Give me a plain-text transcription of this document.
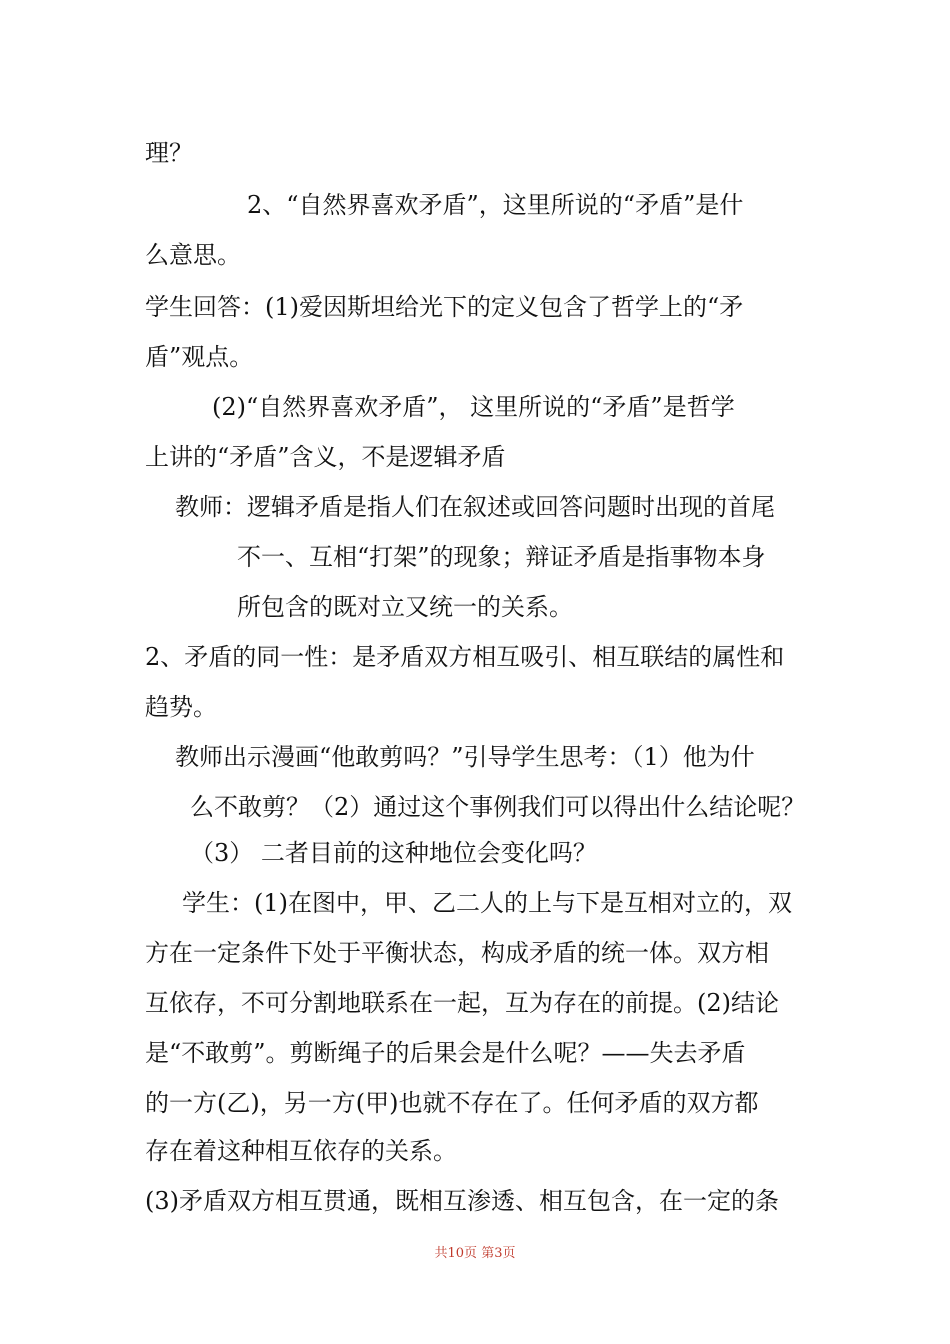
理？
2、“自然界喜欢矛盾”，这里所说的“矛盾”是什
么意思。
学生回答：(1)爱因斯坦给光下的定义包含了哲学上的“矛
盾”观点。
(2)“自然界喜欢矛盾”， 这里所说的“矛盾”是哲学
上讲的“矛盾”含义，不是逻辑矛盾
教师：逻辑矛盾是指人们在叙述或回答问题时出现的首尾
不一、互相“打架”的现象；辩证矛盾是指事物本身
所包含的既对立又统一的关系。
2、矛盾的同一性：是矛盾双方相互吸引、相互联结的属性和
趋势。
教师出示漫画“他敢剪吗？”引导学生思考：（1）他为什
么不敢剪？（2）通过这个事例我们可以得出什么结论呢？
（3） 二者目前的这种地位会变化吗？
学生：(1)在图中，甲、乙二人的上与下是互相对立的，双
方在一定条件下处于平衡状态，构成矛盾的统一体。双方相
互依存，不可分割地联系在一起，互为存在的前提。(2)结论
是“不敢剪”。剪断绳子的后果会是什么呢？——失去矛盾
的一方(乙)，另一方(甲)也就不存在了。任何矛盾的双方都
存在着这种相互依存的关系。
(3)矛盾双方相互贯通，既相互渗透、相互包含，在一定的条
共10页 第3页
